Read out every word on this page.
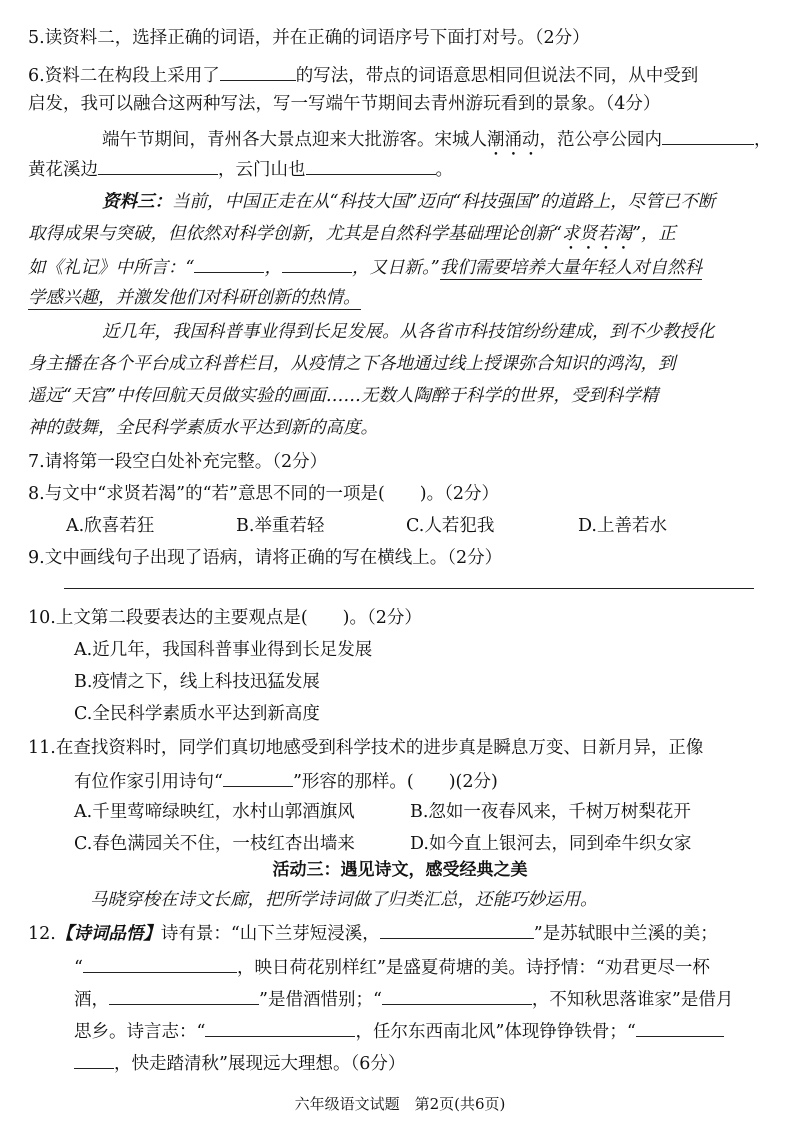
5.读资料二，选择正确的词语，并在正确的词语序号下面打对号。（2分）
6.资料二在构段上采用了	的写法，带点的词语意思相同但说法不同，从中受到
启发，我可以融合这两种写法，写一写端午节期间去青州游玩看到的景象。（4分）
端午节期间，青州各大景点迎来大批游客。宋城人潮涌动，范公亭公园内	，
黄花溪边	，云门山也	。
资料三：当前，中国正走在从“科技大国”迈向“科技强国”的道路上，尽管已不断
取得成果与突破，但依然对科学创新，尤其是自然科学基础理论创新“求贤若渴”，正
如《礼记》中所言：“	，	，又日新。”我们需要培养大量年轻人对自然科
学感兴趣，并激发他们对科研创新的热情。
近几年，我国科普事业得到长足发展。从各省市科技馆纷纷建成，到不少教授化
身主播在各个平台成立科普栏目，从疫情之下各地通过线上授课弥合知识的鸿沟，到
遥远“天宫”中传回航天员做实验的画面……无数人陶醉于科学的世界，受到科学精
神的鼓舞，全民科学素质水平达到新的高度。
7.请将第一段空白处补充完整。（2分）
8.与文中“求贤若渴”的“若”意思不同的一项是(　　)。（2分）
A.欣喜若狂	B.举重若轻	C.人若犯我	D.上善若水
9.文中画线句子出现了语病，请将正确的写在横线上。（2分）
10.上文第二段要表达的主要观点是(　　)。（2分）
A.近几年，我国科普事业得到长足发展
B.疫情之下，线上科技迅猛发展
C.全民科学素质水平达到新高度
11.在查找资料时，同学们真切地感受到科学技术的进步真是瞬息万变、日新月异，正像
有位作家引用诗句“	”形容的那样。(　　)(2分)
A.千里莺啼绿映红，水村山郭酒旗风	B.忽如一夜春风来，千树万树梨花开
C.春色满园关不住，一枝红杏出墙来	D.如今直上银河去，同到牵牛织女家
活动三：遇见诗文，感受经典之美
马晓穿梭在诗文长廊，把所学诗词做了归类汇总，还能巧妙运用。
12.【诗词品悟】诗有景：“山下兰芽短浸溪，	”是苏轼眼中兰溪的美；
“	，映日荷花别样红”是盛夏荷塘的美。诗抒情：“劝君更尽一杯
酒，	”是借酒惜别；“	，不知秋思落谁家”是借月
思乡。诗言志：“	，任尔东西南北风”体现铮铮铁骨；“
，快走踏清秋”展现远大理想。（6分）
六年级语文试题　第2页(共6页)
